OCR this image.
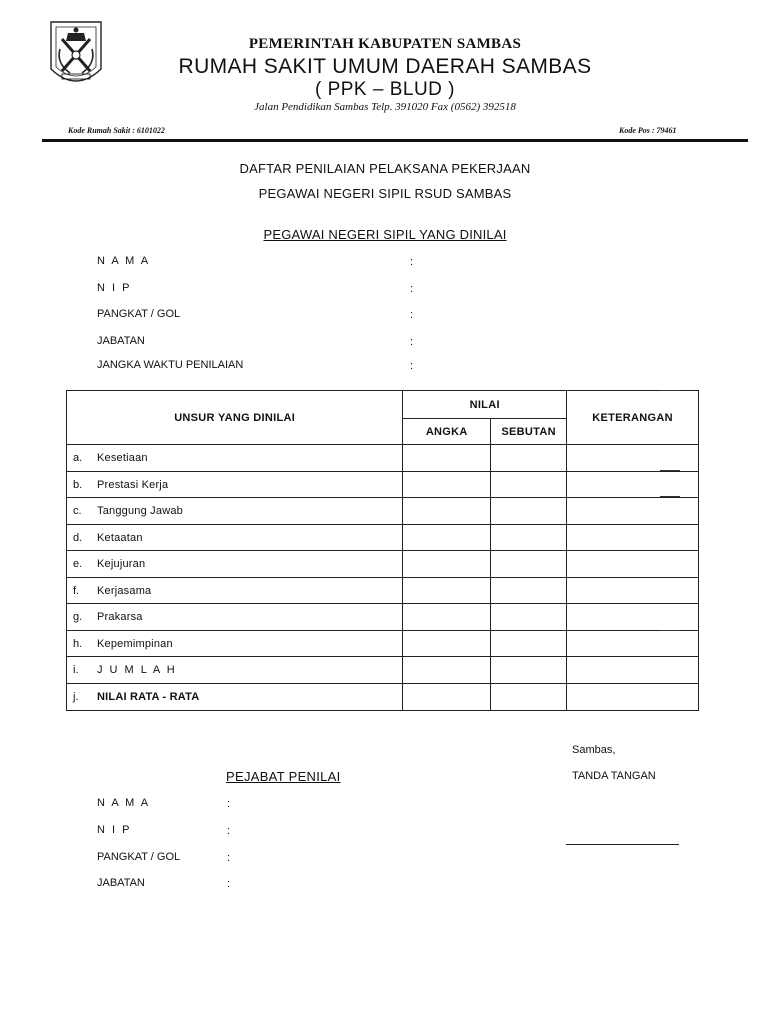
PEMERINTAH KABUPATEN SAMBAS
RUMAH SAKIT UMUM DAERAH SAMBAS
( PPK – BLUD )
Jalan Pendidikan Sambas Telp. 391020 Fax (0562) 392518
Kode Rumah Sakit : 6101022	Kode Pos : 79461
DAFTAR PENILAIAN PELAKSANA PEKERJAAN
PEGAWAI NEGERI SIPIL RSUD SAMBAS
PEGAWAI NEGERI SIPIL YANG DINILAI
N A M A	:
N I P	:
PANGKAT / GOL	:
JABATAN	:
JANGKA WAKTU PENILAIAN	:
UNSUR YANG DINILAI	NILAI		KETERANGAN
	ANGKA	SEBUTAN	
a. Kesetiaan			
b. Prestasi Kerja			
c. Tanggung Jawab			
d. Ketaatan			
e. Kejujuran			
f. Kerjasama			
g. Prakarsa			
h. Kepemimpinan			
i. J U M L A H			
j. NILAI RATA - RATA			
Sambas,
TANDA TANGAN
PEJABAT PENILAI
N A M A	:
N I P	:
PANGKAT / GOL	:
JABATAN	:
